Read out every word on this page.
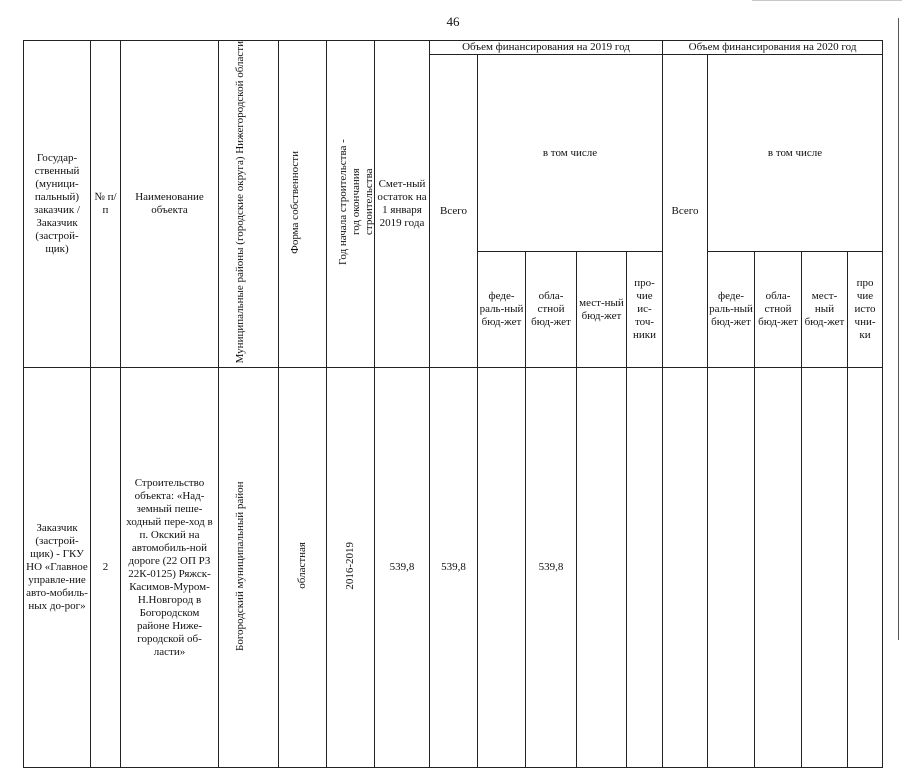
46
Государ-ственный (муници-пальный) заказчик / Заказчик (застрой-щик)	№ п/п	Наименование объекта	Муниципальные районы (городские округа) Нижегородской области	Форма собственности	Год начала строительства - год окончания строительства	Смет-ный остаток на 1 января 2019 года	Объем финансирования на 2019 год					Объем финансирования на 2020 год				
							Всего	в том числе				Всего	в том числе			
								феде-раль-ный бюд-жет	обла-стной бюд-жет	мест-ный бюд-жет	про-чие ис-точ-ники		феде-раль-ный бюд-жет	обла-стной бюд-жет	мест-ный бюд-жет	про чие исто чни-ки
Заказчик (застрой-щик) - ГКУ НО «Главное управле-ние авто-мобиль-ных до-рог»	2	Строительство объекта: «Над-земный пеше-ходный пере-ход в п. Окский на автомобиль-ной дороге (22 ОП РЗ 22К-0125) Ряжск-Касимов-Муром-Н.Новгород в Богородском районе Ниже-городской об-ласти»	Богородский муниципальный район	областная	2016-2019	539,8	539,8		539,8							
